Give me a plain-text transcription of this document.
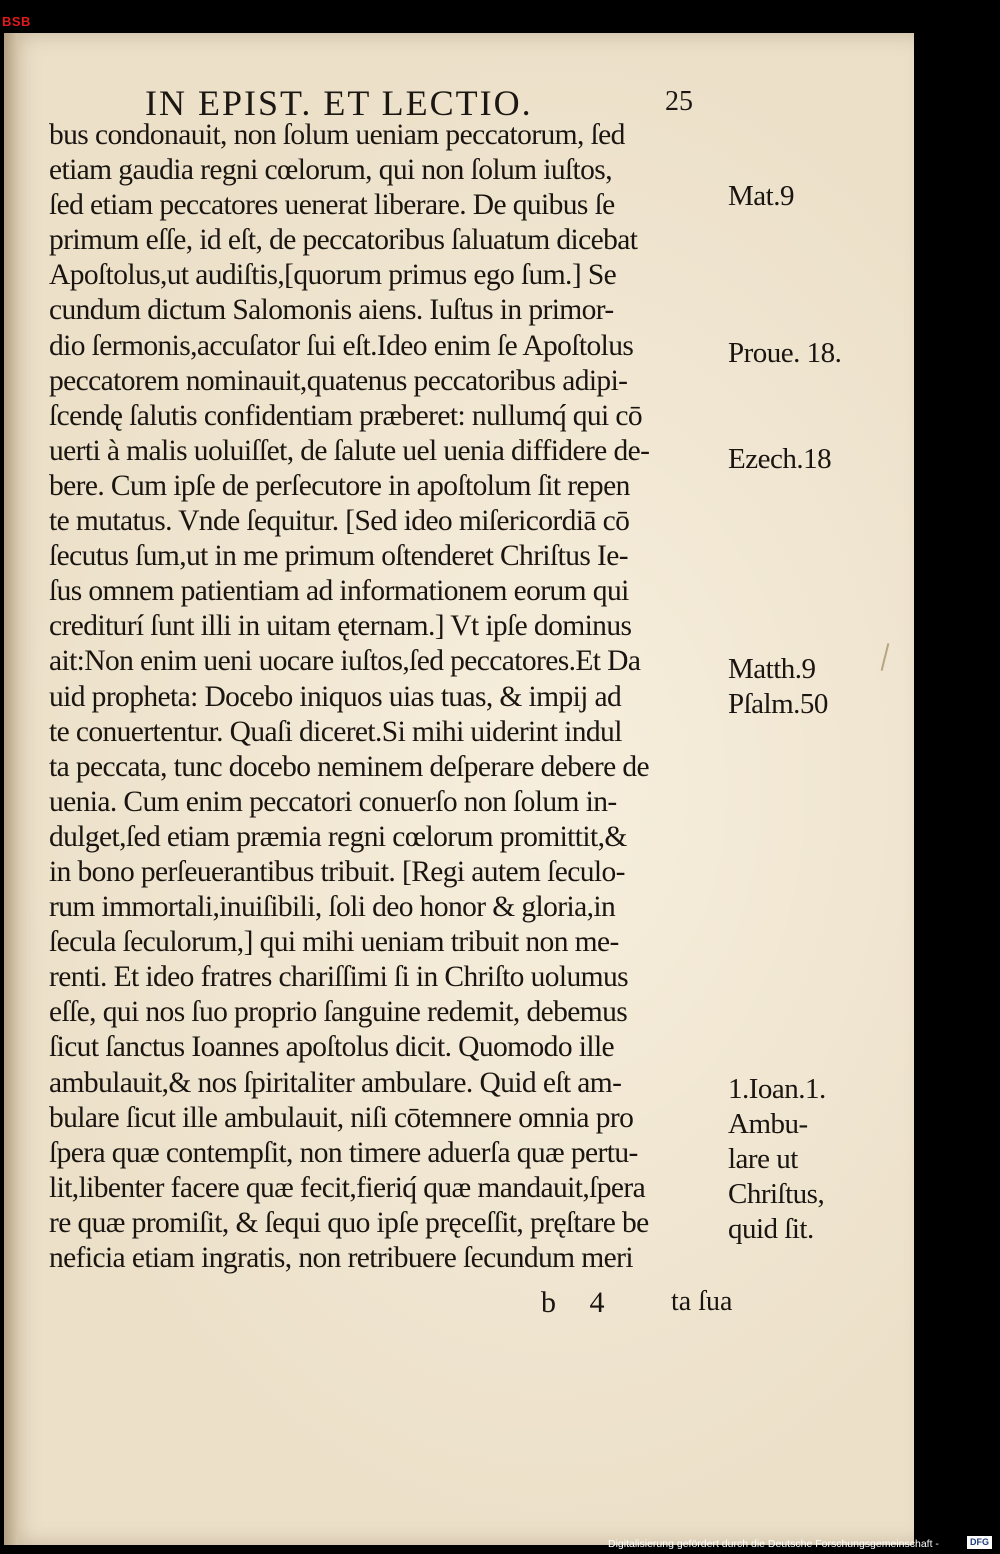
BSB
IN EPIST. ET LECTIO.	25
bus condonauit, non ſolum ueniam peccatorum, ſed
etiam gaudia regni cœlorum, qui non ſolum iuſtos,
ſed etiam peccatores uenerat liberare. De quibus ſe
primum eſſe, id eſt, de peccatoribus ſaluatum dicebat
Apoſtolus,ut audiſtis,[quorum primus ego ſum.] Se
cundum dictum Salomonis aiens. Iuſtus in primor-
dio ſermonis,accuſator ſui eſt.Ideo enim ſe Apoſtolus
peccatorem nominauit,quatenus peccatoribus adipi-
ſcendę ſalutis confidentiam præberet: nullumq́ qui cō
uerti à malis uoluiſſet, de ſalute uel uenia diffidere de-
bere. Cum ipſe de perſecutore in apoſtolum ſit repen
te mutatus. Vnde ſequitur. [Sed ideo miſericordiā cō
ſecutus ſum,ut in me primum oſtenderet Chriſtus Ie-
ſus omnem patientiam ad informationem eorum qui
crediturí ſunt illi in uitam ęternam.] Vt ipſe dominus
ait:Non enim ueni uocare iuſtos,ſed peccatores.Et Da
uid propheta: Docebo iniquos uias tuas, & impij ad
te conuertentur. Quaſi diceret.Si mihi uiderint indul
ta peccata, tunc docebo neminem deſperare debere de
uenia. Cum enim peccatori conuerſo non ſolum in-
dulget,ſed etiam præmia regni cœlorum promittit,&
in bono perſeuerantibus tribuit. [Regi autem ſeculo-
rum immortali,inuiſibili, ſoli deo honor & gloria,in
ſecula ſeculorum,] qui mihi ueniam tribuit non me-
renti. Et ideo fratres chariſſimi ſi in Chriſto uolumus
eſſe, qui nos ſuo proprio ſanguine redemit, debemus
ſicut ſanctus Ioannes apoſtolus dicit. Quomodo ille
ambulauit,& nos ſpiritaliter ambulare. Quid eſt am-
bulare ſicut ille ambulauit, niſi cōtemnere omnia pro
ſpera quæ contempſit, non timere aduerſa quæ pertu-
lit,libenter facere quæ fecit,fieriq́ quæ mandauit,ſpera
re quæ promiſit, & ſequi quo ipſe pręceſſit, pręſtare be
neficia etiam ingratis, non retribuere ſecundum meri
Mat.9
Proue. 18.
Ezech.18
Matth.9
Pſalm.50
1.Ioan.1.
Ambu-
lare ut
Chriſtus,
quid ſit.
b 4 ta ſua
Digitalisierung gefördert durch die Deutsche Forschungsgemeinschaft -	DFG
